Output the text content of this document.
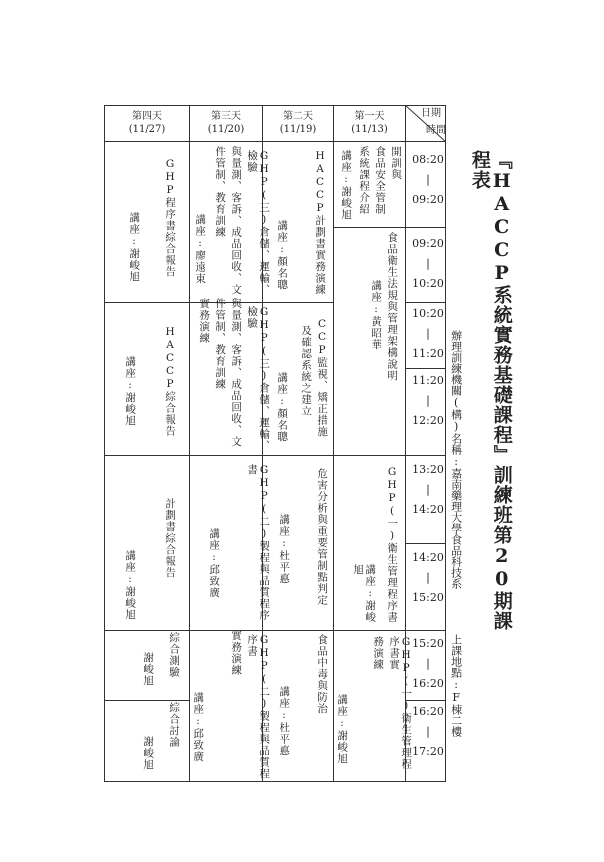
『HACCP系統實務基礎課程』訓練班第20期課程表
辦理訓練機關(構)名稱:嘉南藥理大學食品科技系
上課地點:F棟二樓
日期
時間
第一天
(11/13)
第二天
(11/19)
第三天
(11/20)
第四天
(11/27)
08:20
|
09:20
09:20
|
10:20
10:20
|
11:20
11:20
|
12:20
13:20
|
14:20
14:20
|
15:20
15:20
|
16:20
16:20
|
17:20
開訓與
食品安全管制
系統課程介紹
講座:謝峻旭
食品衛生法規與管理架構說明
講座:黃昭華
GHP(一)衛生管理程序書
講座:謝峻旭
GHP(一)衛生管理程序書實
務演練
講座:謝峻旭
HACCP計劃書實務演練
講座:顏名聰
CCP監視、矯正措施
及確認系統之建立
講座:顏名聰
危害分析與重要管制點判定
講座:杜平悳
食品中毒與防治
講座:杜平悳
GHP(三)倉儲、運輸、檢驗
與量測、客訴、成品回收、文
件管制、教育訓練
講座:廖遠東
GHP(三)倉儲、運輸、檢驗
與量測、客訴、成品回收、文
件管制、教育訓練
實務演練
GHP(二)製程與品質程序書
講座:邱致廣
GHP(二)製程與品質程序書
實務演練
講座:邱致廣
GHP程序書綜合報告
講座:謝峻旭
HACCP綜合報告
講座:謝峻旭
計劃書綜合報告
講座:謝峻旭
綜合測驗
謝峻旭
綜合討論
謝峻旭
